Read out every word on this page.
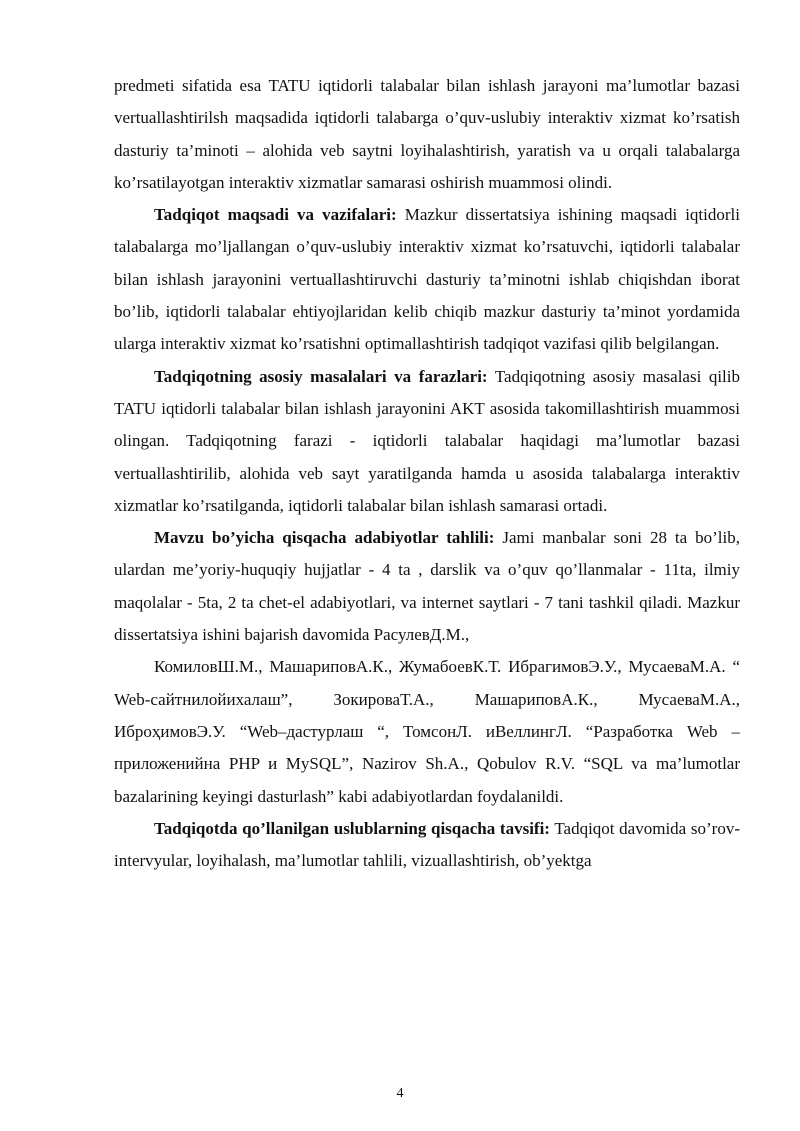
predmeti sifatida esa TATU iqtidorli talabalar bilan ishlash jarayoni ma’lumotlar bazasi vertuallashtirilsh maqsadida iqtidorli talabarga o’quv-uslubiy interaktiv xizmat ko’rsatish dasturiy ta’minoti – alohida veb saytni loyihalashtirish, yaratish va u orqali talabalarga ko’rsatilayotgan interaktiv xizmatlar samarasi oshirish muammosi olindi.

Tadqiqot maqsadi va vazifalari: Mazkur dissertatsiya ishining maqsadi iqtidorli talabalarga mo’ljallangan o’quv-uslubiy interaktiv xizmat ko’rsatuvchi, iqtidorli talabalar bilan ishlash jarayonini vertuallashtiruvchi dasturiy ta’minotni ishlab chiqishdan iborat bo’lib, iqtidorli talabalar ehtiyojlaridan kelib chiqib mazkur dasturiy ta’minot yordamida ularga interaktiv xizmat ko’rsatishni optimallashtirish tadqiqot vazifasi qilib belgilangan.

Tadqiqotning asosiy masalalari va farazlari: Tadqiqotning asosiy masalasi qilib TATU iqtidorli talabalar bilan ishlash jarayonini AKT asosida takomillashtirish muammosi olingan. Tadqiqotning farazi - iqtidorli talabalar haqidagi ma’lumotlar bazasi vertuallashtirilib, alohida veb sayt yaratilganda hamda u asosida talabalarga interaktiv xizmatlar ko’rsatilganda, iqtidorli talabalar bilan ishlash samarasi ortadi.

Mavzu bo’yicha qisqacha adabiyotlar tahlili: Jami manbalar soni 28 ta bo’lib, ulardan me’yoriy-huquqiy hujjatlar - 4 ta , darslik va o’quv qo’llanmalar - 11ta, ilmiy maqolalar - 5ta, 2 ta chet-el adabiyotlari, va internet saytlari - 7 tani tashkil qiladi. Mazkur dissertatsiya ishini bajarish davomida РасулевД.М.,

КомиловШ.М., МашариповА.К., ЖумабоевК.Т. ИбрагимовЭ.У., МусаеваМ.А. “ Web-сайтнилойихалаш”, ЗокироваТ.А., МашариповА.К., МусаеваМ.А., ИброҳимовЭ.У. “Web–дастурлаш “, ТомсонЛ. иВеллингЛ. “Разработка Web – приложенийна PHP и MySQL”, Nazirov Sh.A., Qobulov R.V. “SQL va ma’lumotlar bazalarining keyingi dasturlash” kabi adabiyotlardan foydalanildi.

Tadqiqotda qo’llanilgan uslublarning qisqacha tavsifi: Tadqiqot davomida so’rov-intervyular, loyihalash, ma’lumotlar tahlili, vizuallashtirish, ob’yektga

4
